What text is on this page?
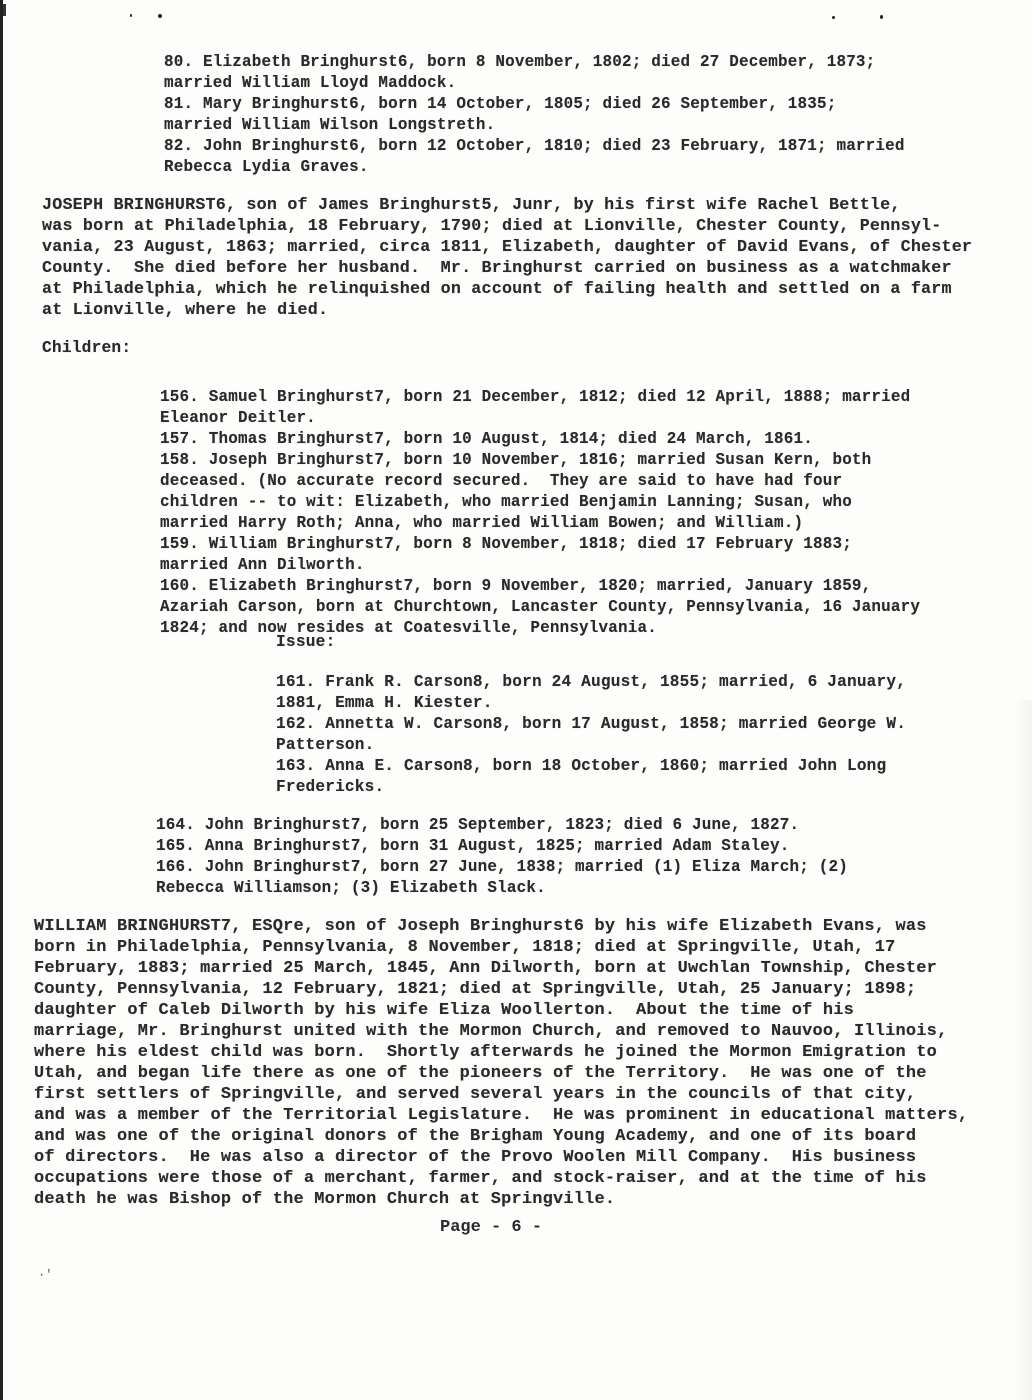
80. Elizabeth Bringhurst6, born 8 November, 1802; died 27 December, 1873;
married William Lloyd Maddock.
81. Mary Bringhurst6, born 14 October, 1805; died 26 September, 1835;
married William Wilson Longstreth.
82. John Bringhurst6, born 12 October, 1810; died 23 February, 1871; married
Rebecca Lydia Graves.
JOSEPH BRINGHURST6, son of James Bringhurst5, Junr, by his first wife Rachel Bettle,
was born at Philadelphia, 18 February, 1790; died at Lionville, Chester County, Pennsyl-
vania, 23 August, 1863; married, circa 1811, Elizabeth, daughter of David Evans, of Chester
County.  She died before her husband.  Mr. Bringhurst carried on business as a watchmaker
at Philadelphia, which he relinquished on account of failing health and settled on a farm
at Lionville, where he died.
Children:
156. Samuel Bringhurst7, born 21 December, 1812; died 12 April, 1888; married
Eleanor Deitler.
157. Thomas Bringhurst7, born 10 August, 1814; died 24 March, 1861.
158. Joseph Bringhurst7, born 10 November, 1816; married Susan Kern, both
deceased. (No accurate record secured.  They are said to have had four
children -- to wit: Elizabeth, who married Benjamin Lanning; Susan, who
married Harry Roth; Anna, who married William Bowen; and William.)
159. William Bringhurst7, born 8 November, 1818; died 17 February 1883;
married Ann Dilworth.
160. Elizabeth Bringhurst7, born 9 November, 1820; married, January 1859,
Azariah Carson, born at Churchtown, Lancaster County, Pennsylvania, 16 January
1824; and now resides at Coatesville, Pennsylvania.
Issue:
161. Frank R. Carson8, born 24 August, 1855; married, 6 January,
1881, Emma H. Kiester.
162. Annetta W. Carson8, born 17 August, 1858; married George W.
Patterson.
163. Anna E. Carson8, born 18 October, 1860; married John Long
Fredericks.
164. John Bringhurst7, born 25 September, 1823; died 6 June, 1827.
165. Anna Bringhurst7, born 31 August, 1825; married Adam Staley.
166. John Bringhurst7, born 27 June, 1838; married (1) Eliza March; (2)
Rebecca Williamson; (3) Elizabeth Slack.
WILLIAM BRINGHURST7, ESQre, son of Joseph Bringhurst6 by his wife Elizabeth Evans, was
born in Philadelphia, Pennsylvania, 8 November, 1818; died at Springville, Utah, 17
February, 1883; married 25 March, 1845, Ann Dilworth, born at Uwchlan Township, Chester
County, Pennsylvania, 12 February, 1821; died at Springville, Utah, 25 January; 1898;
daughter of Caleb Dilworth by his wife Eliza Woollerton.  About the time of his
marriage, Mr. Bringhurst united with the Mormon Church, and removed to Nauvoo, Illinois,
where his eldest child was born.  Shortly afterwards he joined the Mormon Emigration to
Utah, and began life there as one of the pioneers of the Territory.  He was one of the
first settlers of Springville, and served several years in the councils of that city,
and was a member of the Territorial Legislature.  He was prominent in educational matters,
and was one of the original donors of the Brigham Young Academy, and one of its board
of directors.  He was also a director of the Provo Woolen Mill Company.  His business
occupations were those of a merchant, farmer, and stock-raiser, and at the time of his
death he was Bishop of the Mormon Church at Springville.
Page - 6 -
·′
